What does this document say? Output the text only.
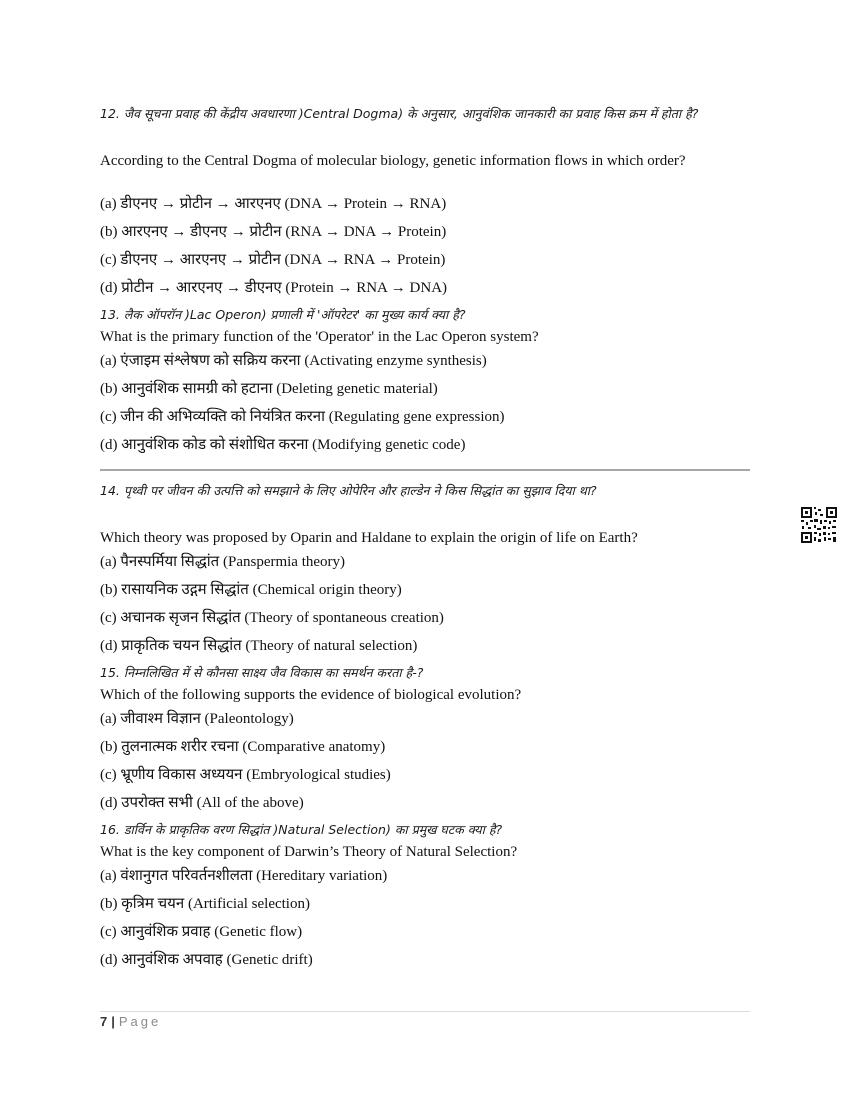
12. जैव सूचना प्रवाह की केंद्रीय अवधारणा )Central Dogma) के अनुसार, आनुवंशिक जानकारी का प्रवाह किस क्रम में होता है?
According to the Central Dogma of molecular biology, genetic information flows in which order?
(a) डीएनए → प्रोटीन → आरएनए (DNA → Protein → RNA)
(b) आरएनए → डीएनए → प्रोटीन (RNA → DNA → Protein)
(c) डीएनए → आरएनए → प्रोटीन (DNA → RNA → Protein)
(d) प्रोटीन → आरएनए → डीएनए (Protein → RNA → DNA)
13. लैक ऑपरॉन )Lac Operon) प्रणाली में 'ऑपरेटर' का मुख्य कार्य क्या है?
What is the primary function of the 'Operator' in the Lac Operon system?
(a) एंजाइम संश्लेषण को सक्रिय करना (Activating enzyme synthesis)
(b) आनुवंशिक सामग्री को हटाना (Deleting genetic material)
(c) जीन की अभिव्यक्ति को नियंत्रित करना (Regulating gene expression)
(d) आनुवंशिक कोड को संशोधित करना (Modifying genetic code)
14. पृथ्वी पर जीवन की उत्पत्ति को समझाने के लिए ओपेरिन और हाल्डेन ने किस सिद्धांत का सुझाव दिया था?
Which theory was proposed by Oparin and Haldane to explain the origin of life on Earth?
(a) पैनस्पर्मिया सिद्धांत (Panspermia theory)
(b) रासायनिक उद्गम सिद्धांत (Chemical origin theory)
(c) अचानक सृजन सिद्धांत (Theory of spontaneous creation)
(d) प्राकृतिक चयन सिद्धांत (Theory of natural selection)
15. निम्नलिखित में से कौनसा साक्ष्य जैव विकास का समर्थन करता है-?
Which of the following supports the evidence of biological evolution?
(a) जीवाश्म विज्ञान (Paleontology)
(b) तुलनात्मक शरीर रचना (Comparative anatomy)
(c) भ्रूणीय विकास अध्ययन (Embryological studies)
(d) उपरोक्त सभी (All of the above)
16. डार्विन के प्राकृतिक वरण सिद्धांत )Natural Selection) का प्रमुख घटक क्या है?
What is the key component of Darwin’s Theory of Natural Selection?
(a) वंशानुगत परिवर्तनशीलता (Hereditary variation)
(b) कृत्रिम चयन (Artificial selection)
(c) आनुवंशिक प्रवाह (Genetic flow)
(d) आनुवंशिक अपवाह (Genetic drift)
7 | Page
